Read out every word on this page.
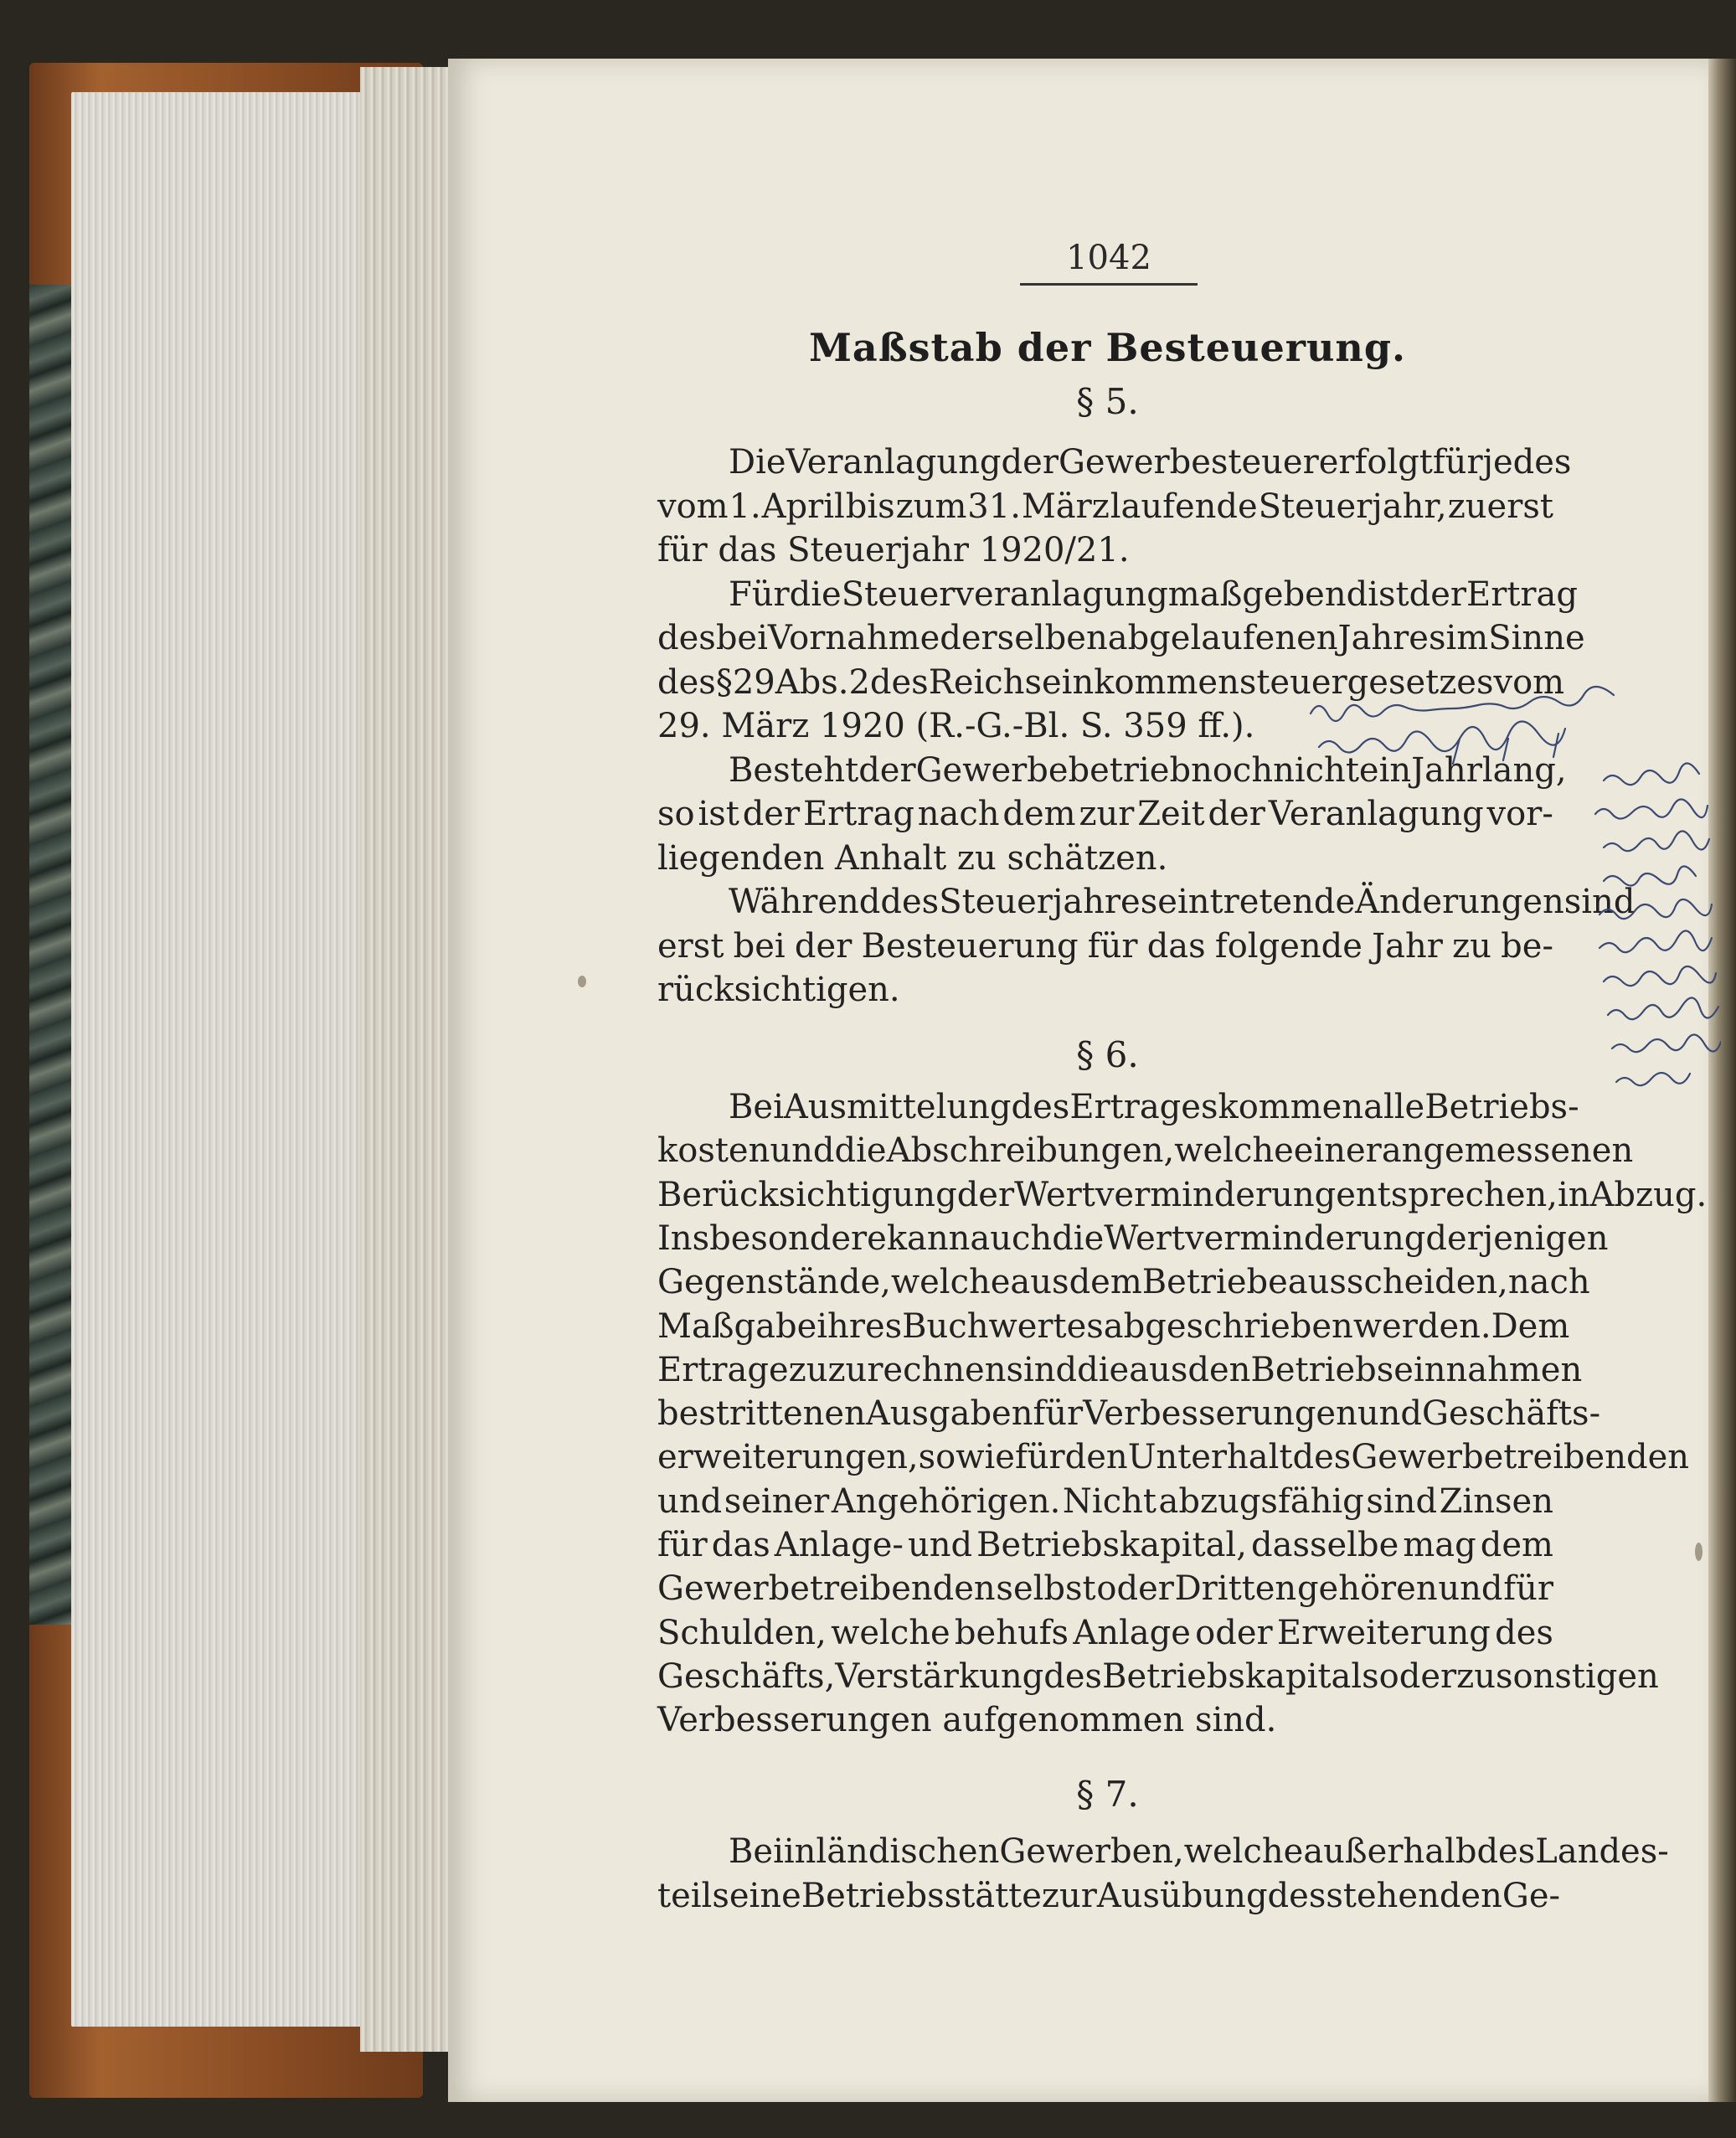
1042
Maßstab der Besteuerung.
§ 5.
Die Veranlagung der Gewerbesteuer erfolgt für jedes
vom 1. April bis zum 31. März laufende Steuerjahr, zuerst
für das Steuerjahr 1920/21.
Für die Steuerveranlagung maßgebend ist der Ertrag
des bei Vornahme derselben abgelaufenen Jahres im Sinne
des § 29 Abs. 2 des Reichseinkommensteuergesetzes vom
29. März 1920 (R.-G.-Bl. S. 359 ff.).
Besteht der Gewerbebetrieb noch nicht ein Jahr lang,
so ist der Ertrag nach dem zur Zeit der Veranlagung vor-
liegenden Anhalt zu schätzen.
Während des Steuerjahres eintretende Änderungen sind
erst bei der Besteuerung für das folgende Jahr zu be-
rücksichtigen.
§ 6.
Bei Ausmittelung des Ertrages kommen alle Betriebs-
kosten und die Abschreibungen, welche einer angemessenen
Berücksichtigung der Wertverminderung entsprechen, in Abzug.
Insbesondere kann auch die Wertverminderung derjenigen
Gegenstände, welche aus dem Betriebe ausscheiden, nach
Maßgabe ihres Buchwertes abgeschrieben werden. Dem
Ertrage zuzurechnen sind die aus den Betriebseinnahmen
bestrittenen Ausgaben für Verbesserungen und Geschäfts-
erweiterungen, sowie für den Unterhalt des Gewerbetreibenden
und seiner Angehörigen. Nicht abzugsfähig sind Zinsen
für das Anlage- und Betriebskapital, dasselbe mag dem
Gewerbetreibenden selbst oder Dritten gehören und für
Schulden, welche behufs Anlage oder Erweiterung des
Geschäfts, Verstärkung des Betriebskapitals oder zu sonstigen
Verbesserungen aufgenommen sind.
§ 7.
Bei inländischen Gewerben, welche außerhalb des Landes-
teils eine Betriebsstätte zur Ausübung des stehenden Ge-
